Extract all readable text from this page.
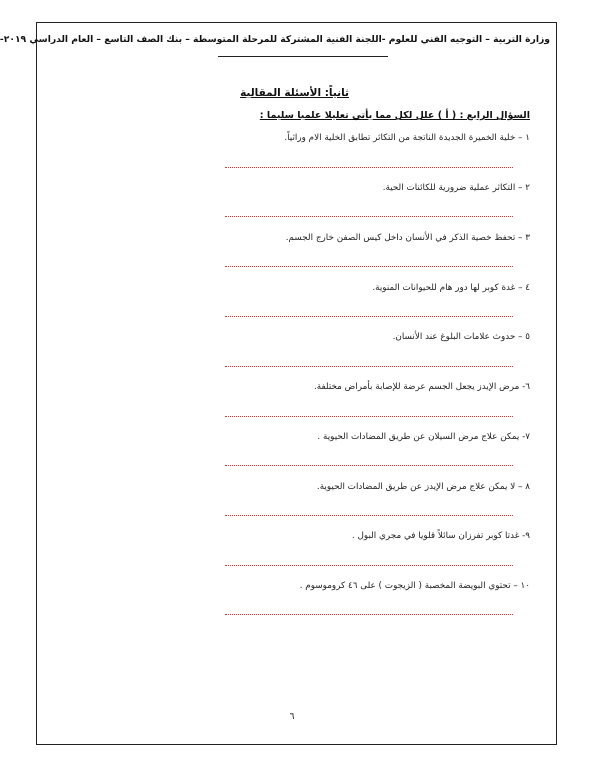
وزارة التربية – التوجيه الفني للعلوم -اللجنة الفنية المشتركة للمرحلة المتوسطة – بنك الصف التاسع – العام الدراسي ٢٠١٩-
ثانياً: الأسئلة المقالية
السؤال الرابع : ( أ ) علل لكل مما يأتي تعليلا علميا سليما :
١ – خلية الخميرة الجديدة الناتجة من التكاثر تطابق الخلية الام وراثياً.
٢ – التكاثر عملية ضرورية للكائنات الحية.
٣ – تحفظ خصية الذكر في الأنسان داخل كيس الصفن خارج الجسم.
٤ – غدة كوبر لها دور هام للحيوانات المنوية.
٥ – حدوث علامات البلوغ عند الأنسان.
٦- مرض الإيدز يجعل الجسم عرضة للإصابة بأمراض مختلفة.
٧- يمكن علاج مرض السيلان عن طريق المضادات الحيوية .
٨ – لا يمكن علاج مرض الإيدز عن طريق المضادات الحيوية.
٩- غدتا كوبر تفرزان سائلاً قلويا في مجري البول .
١٠ – تحتوي البويضة المخصبة ( الزيجوت ) على ٤٦ كروموسوم .
٦
